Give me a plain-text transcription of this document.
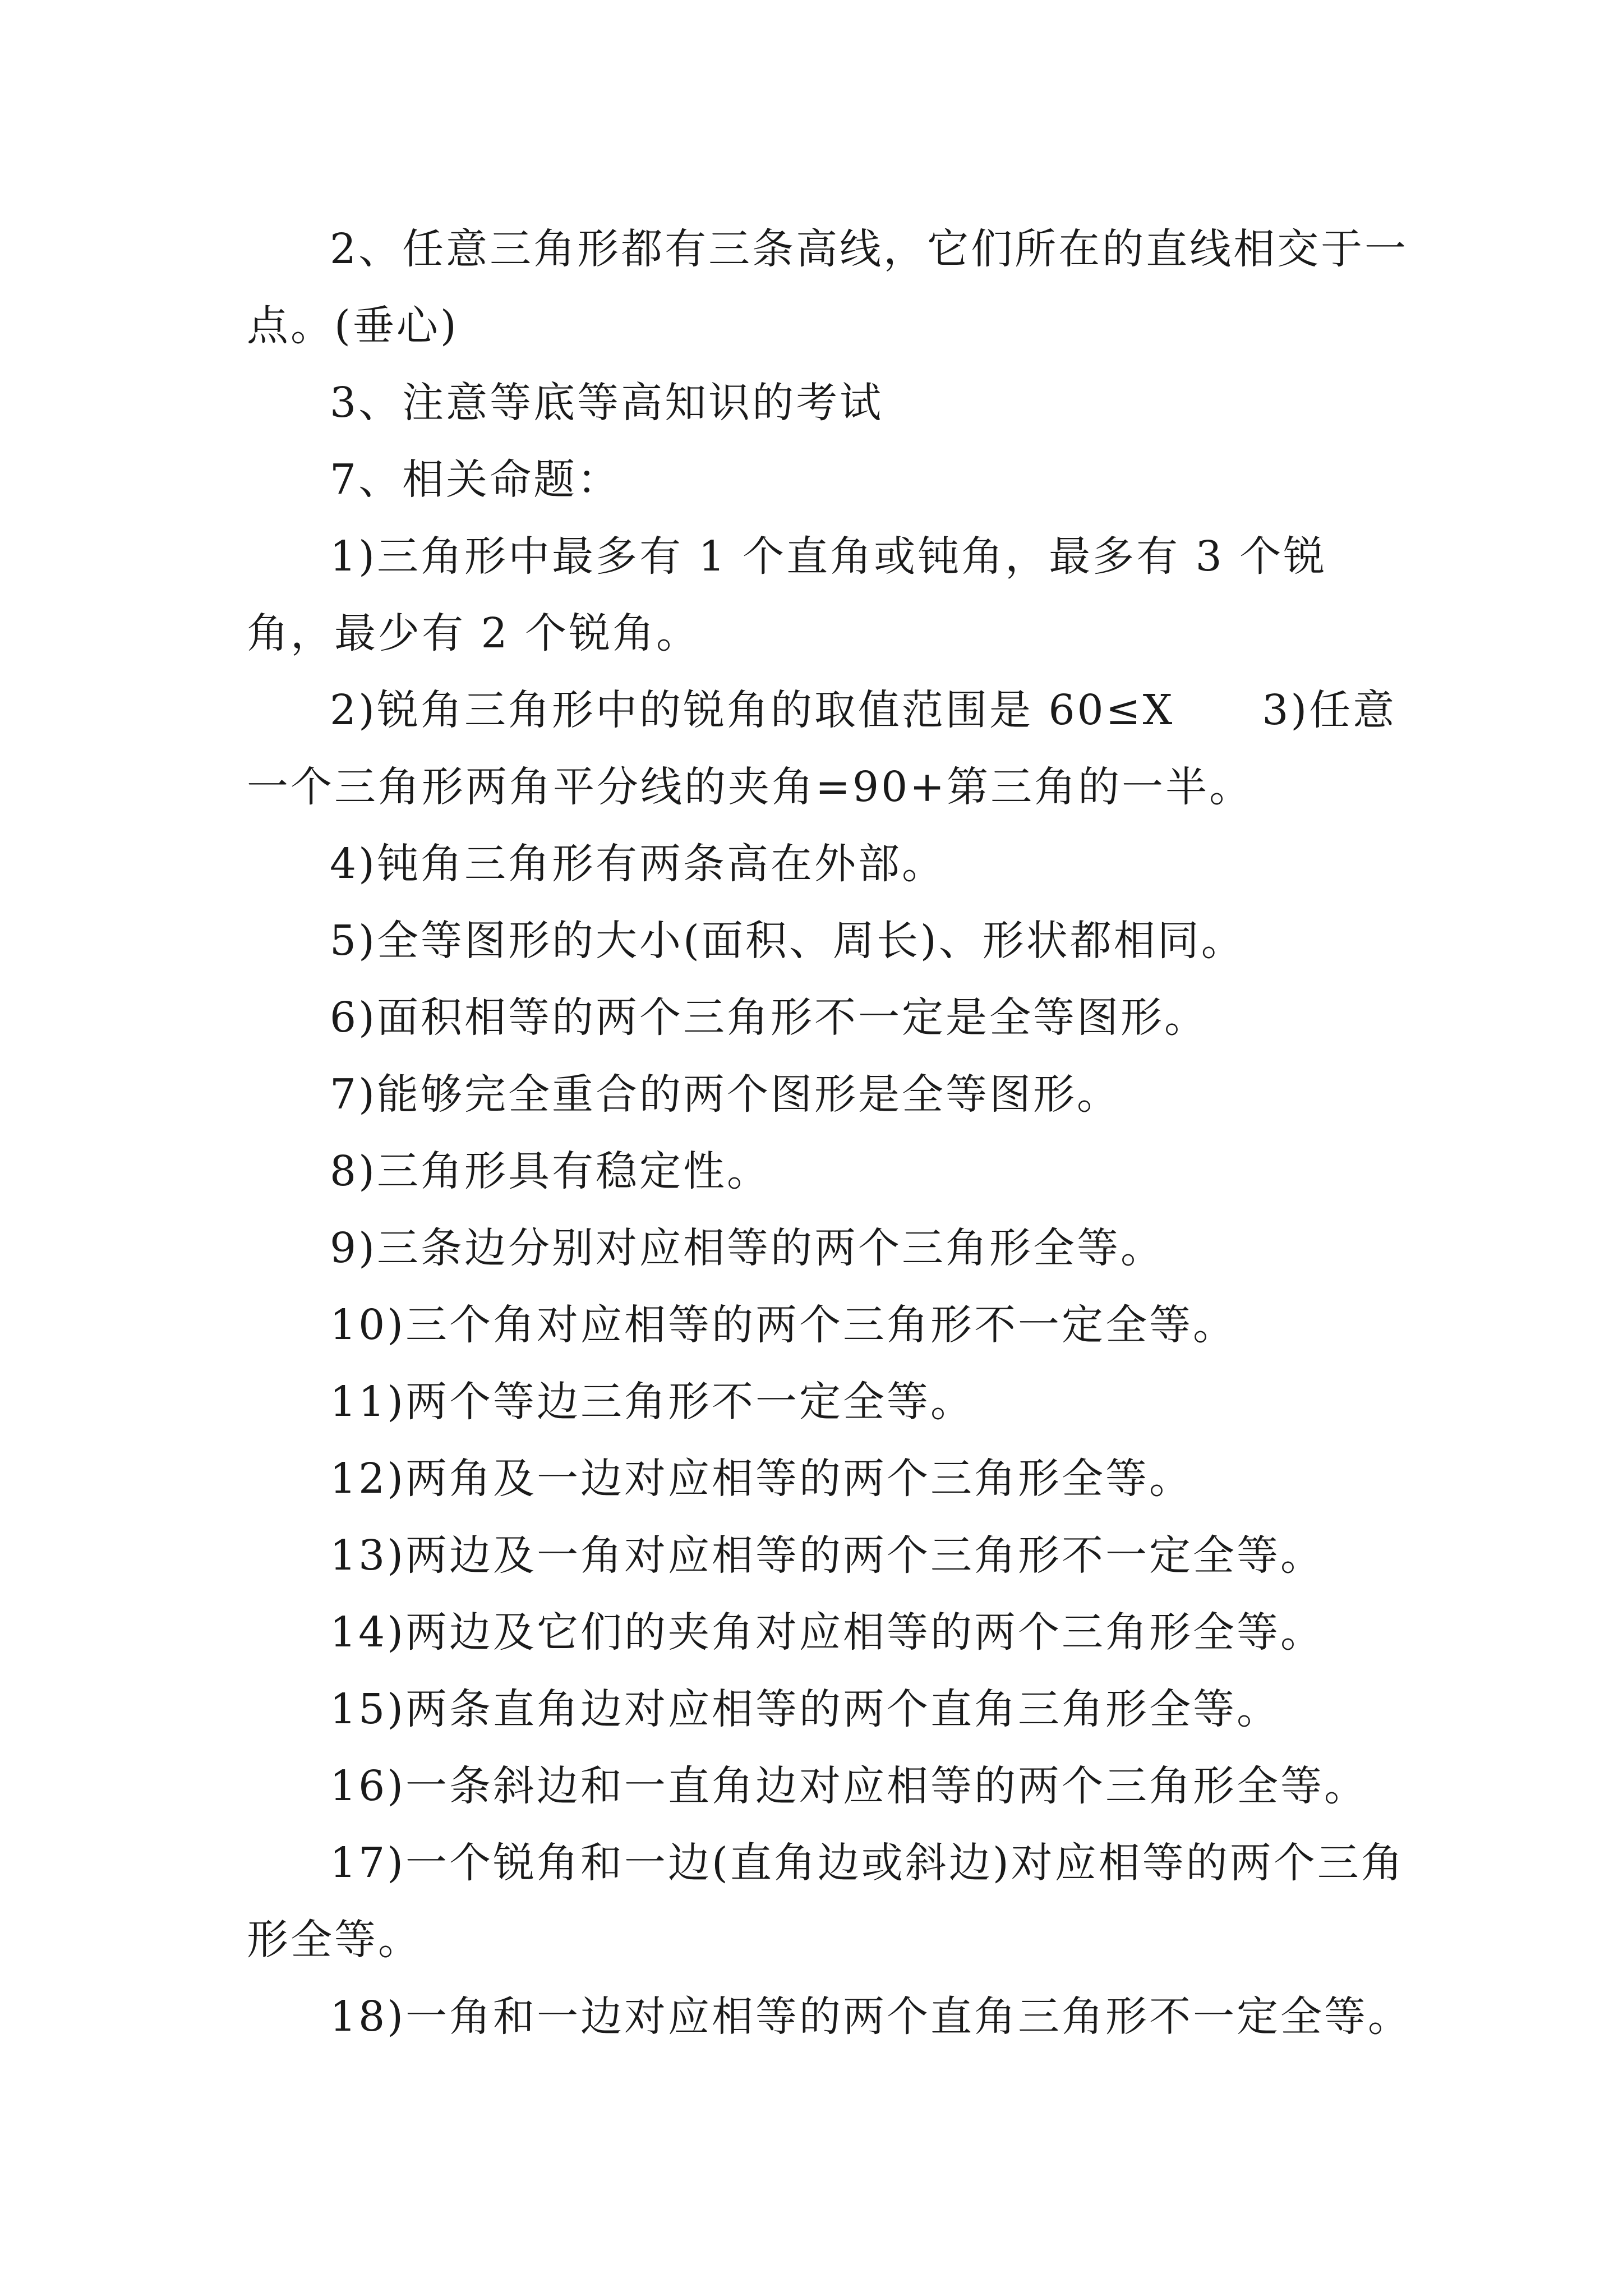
2、任意三角形都有三条高线，它们所在的直线相交于一点。(垂心)

3、注意等底等高知识的考试

7、相关命题：

1)三角形中最多有 1 个直角或钝角，最多有 3 个锐角，最少有 2 个锐角。

2)锐角三角形中的锐角的取值范围是 60≤X　　3)任意一个三角形两角平分线的夹角=90+第三角的一半。

4)钝角三角形有两条高在外部。

5)全等图形的大小(面积、周长)、形状都相同。

6)面积相等的两个三角形不一定是全等图形。

7)能够完全重合的两个图形是全等图形。

8)三角形具有稳定性。

9)三条边分别对应相等的两个三角形全等。

10)三个角对应相等的两个三角形不一定全等。

11)两个等边三角形不一定全等。

12)两角及一边对应相等的两个三角形全等。

13)两边及一角对应相等的两个三角形不一定全等。

14)两边及它们的夹角对应相等的两个三角形全等。

15)两条直角边对应相等的两个直角三角形全等。

16)一条斜边和一直角边对应相等的两个三角形全等。

17)一个锐角和一边(直角边或斜边)对应相等的两个三角形全等。

18)一角和一边对应相等的两个直角三角形不一定全等。
